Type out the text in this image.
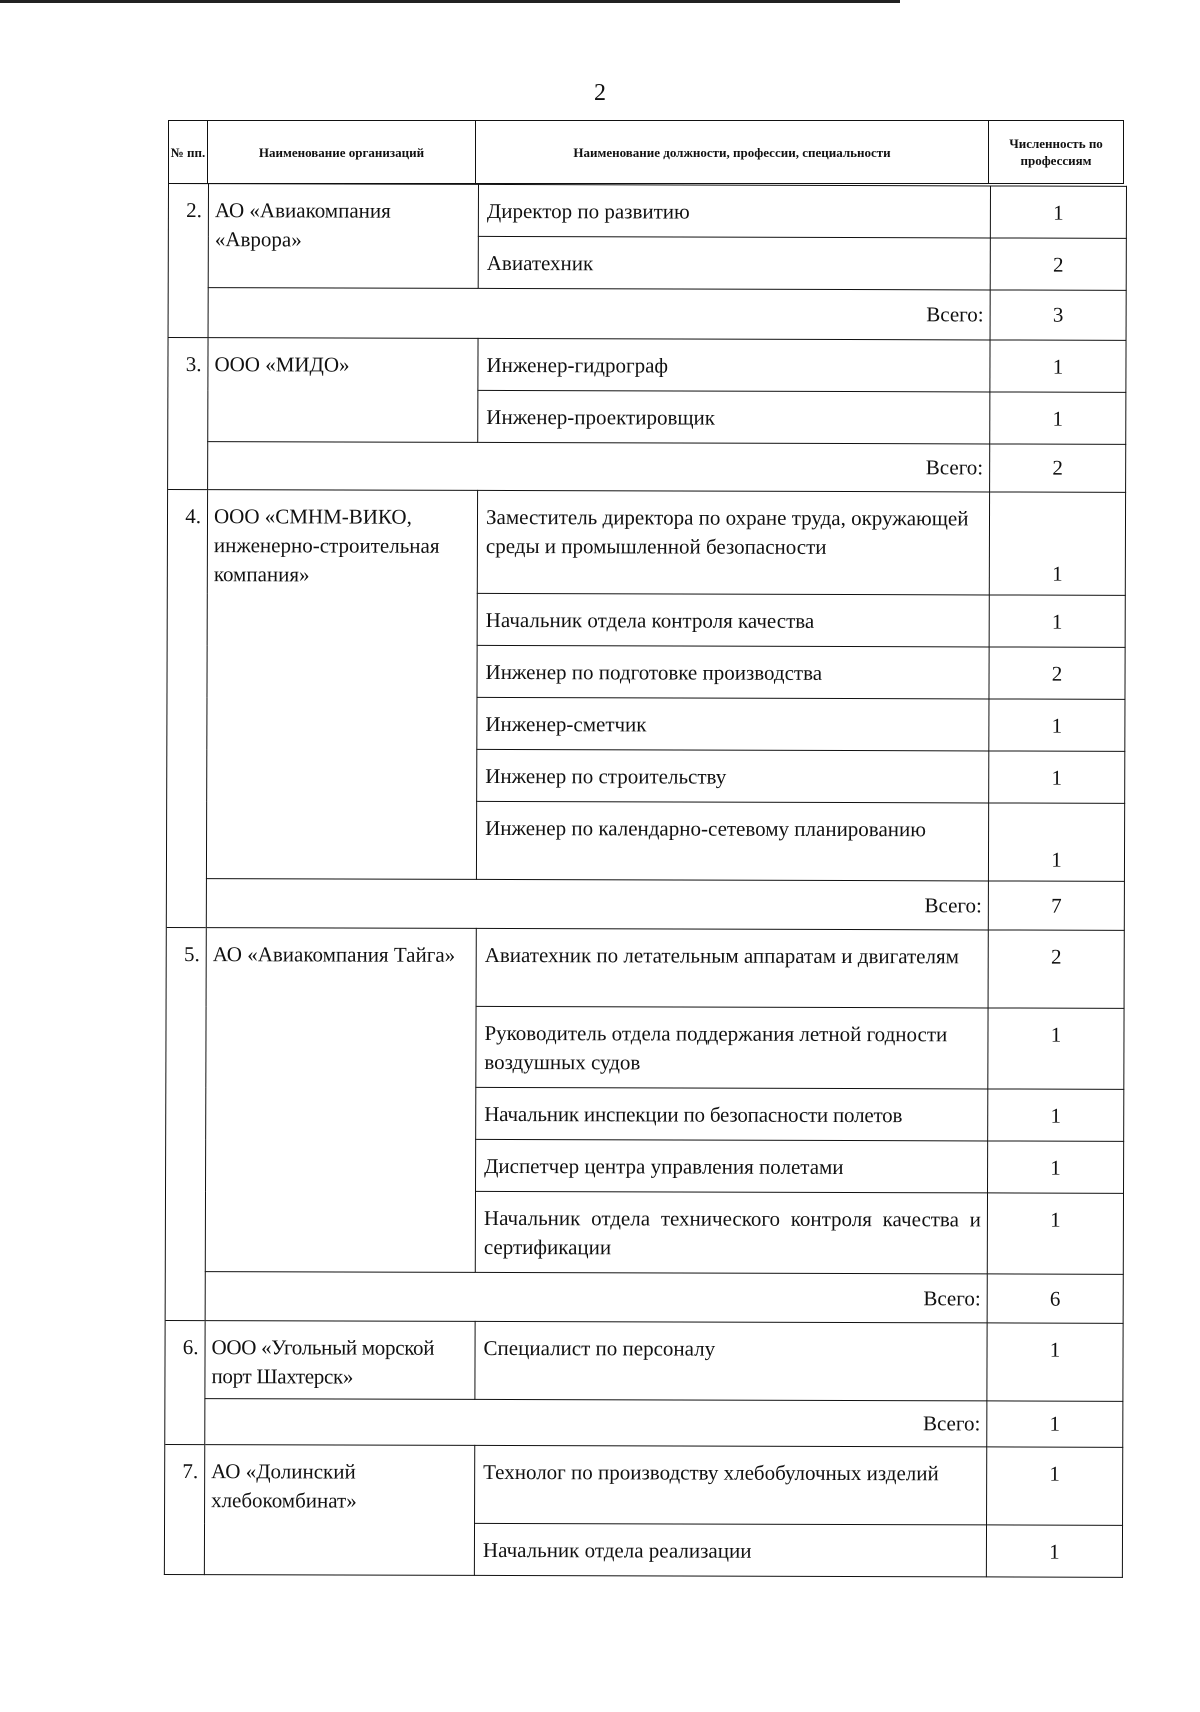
2
№ пп.	Наименование организаций	Наименование должности, профессии, специальности	Численность по профессиям
2.	АО «Авиакомпания «Аврора»	Директор по развитию	1
		Авиатехник	2
	Всего:		3
3.	ООО «МИДО»	Инженер-гидрограф	1
		Инженер-проектировщик	1
	Всего:		2
4.	ООО «СМНМ-ВИКО, инженерно-строительная компания»	Заместитель директора по охране труда, окружающей среды и промышленной безопасности	1
		Начальник отдела контроля качества	1
		Инженер по подготовке производства	2
		Инженер-сметчик	1
		Инженер по строительству	1
		Инженер по календарно-сетевому планированию	1
	Всего:		7
5.	АО «Авиакомпания Тайга»	Авиатехник по летательным аппаратам и двигателям	2
		Руководитель отдела поддержания летной годности воздушных судов	1
		Начальник инспекции по безопасности полетов	1
		Диспетчер центра управления полетами	1
		Начальник отдела технического контроля качества и сертификации	1
	Всего:		6
6.	ООО «Угольный морской порт Шахтерск»	Специалист по персоналу	1
	Всего:		1
7.	АО «Долинский хлебокомбинат»	Технолог по производству хлебобулочных изделий	1
		Начальник отдела реализации	1
